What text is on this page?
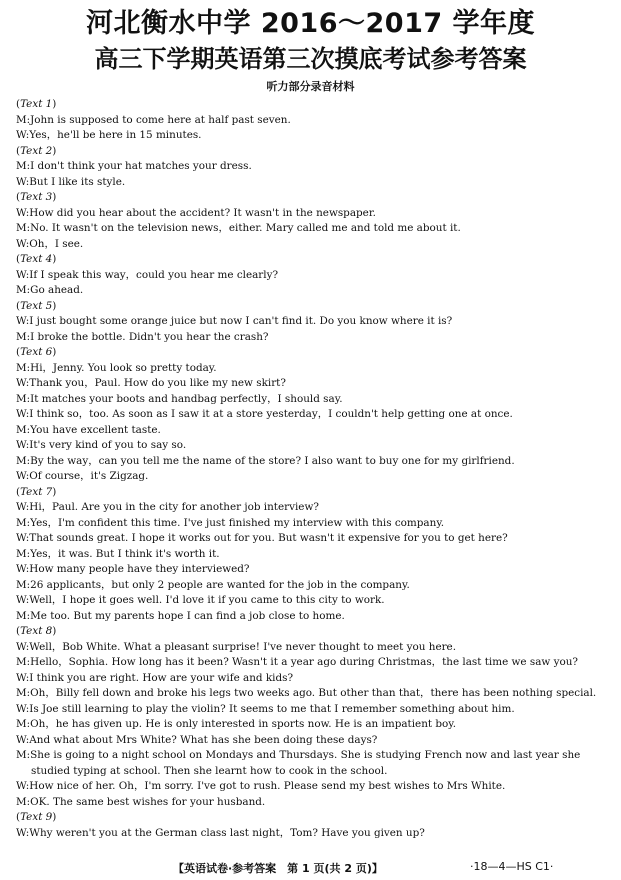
河北衡水中学 2016～2017 学年度
高三下学期英语第三次摸底考试参考答案
听力部分录音材料
(Text 1)
M:John is supposed to come here at half past seven.
W:Yes，he'll be here in 15 minutes.
(Text 2)
M:I don't think your hat matches your dress.
W:But I like its style.
(Text 3)
W:How did you hear about the accident? It wasn't in the newspaper.
M:No. It wasn't on the television news，either. Mary called me and told me about it.
W:Oh，I see.
(Text 4)
W:If I speak this way，could you hear me clearly?
M:Go ahead.
(Text 5)
W:I just bought some orange juice but now I can't find it. Do you know where it is?
M:I broke the bottle. Didn't you hear the crash?
(Text 6)
M:Hi，Jenny. You look so pretty today.
W:Thank you，Paul. How do you like my new skirt?
M:It matches your boots and handbag perfectly，I should say.
W:I think so，too. As soon as I saw it at a store yesterday，I couldn't help getting one at once.
M:You have excellent taste.
W:It's very kind of you to say so.
M:By the way，can you tell me the name of the store? I also want to buy one for my girlfriend.
W:Of course，it's Zigzag.
(Text 7)
W:Hi，Paul. Are you in the city for another job interview?
M:Yes，I'm confident this time. I've just finished my interview with this company.
W:That sounds great. I hope it works out for you. But wasn't it expensive for you to get here?
M:Yes，it was. But I think it's worth it.
W:How many people have they interviewed?
M:26 applicants，but only 2 people are wanted for the job in the company.
W:Well，I hope it goes well. I'd love it if you came to this city to work.
M:Me too. But my parents hope I can find a job close to home.
(Text 8)
W:Well，Bob White. What a pleasant surprise! I've never thought to meet you here.
M:Hello，Sophia. How long has it been? Wasn't it a year ago during Christmas，the last time we saw you?
W:I think you are right. How are your wife and kids?
M:Oh，Billy fell down and broke his legs two weeks ago. But other than that，there has been nothing special.
W:Is Joe still learning to play the violin? It seems to me that I remember something about him.
M:Oh，he has given up. He is only interested in sports now. He is an impatient boy.
W:And what about Mrs White? What has she been doing these days?
M:She is going to a night school on Mondays and Thursdays. She is studying French now and last year she
studied typing at school. Then she learnt how to cook in the school.
W:How nice of her. Oh，I'm sorry. I've got to rush. Please send my best wishes to Mrs White.
M:OK. The same best wishes for your husband.
(Text 9)
W:Why weren't you at the German class last night，Tom? Have you given up?
【英语试卷·参考答案　第 1 页(共 2 页)】	·18—4—HS C1·
